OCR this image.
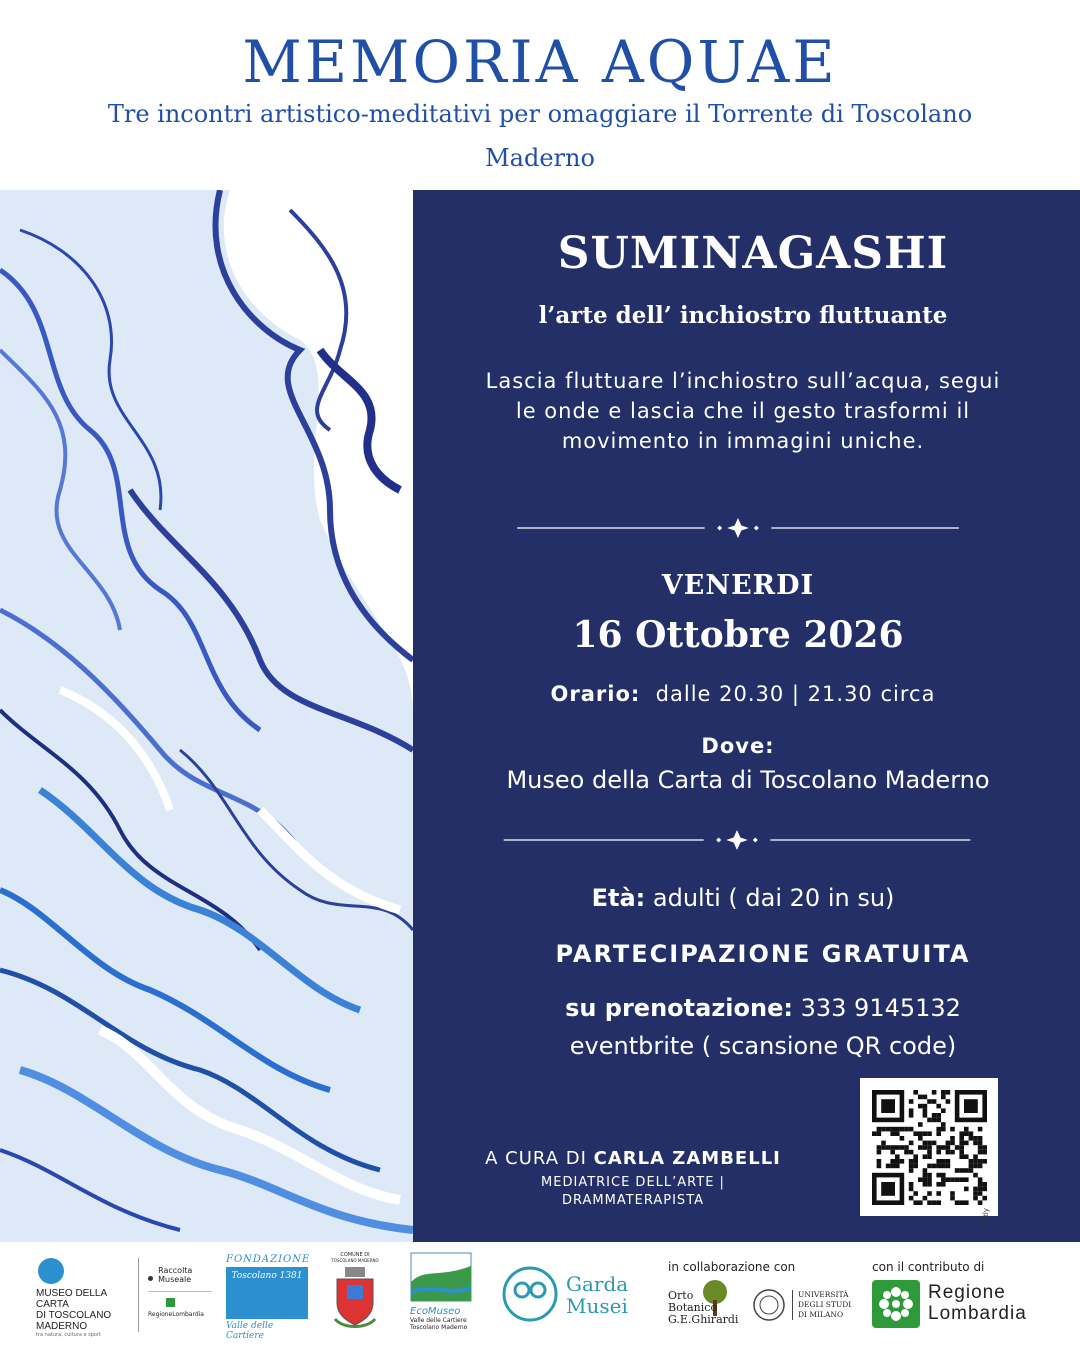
MEMORIA AQUAE
Tre incontri artistico-meditativi per omaggiare il Torrente di Toscolano Maderno
SUMINAGASHI
l’arte dell’ inchiostro fluttuante
Lascia fluttuare l’inchiostro sull’acqua, segui le onde e lascia che il gesto trasformi il movimento in immagini uniche.
VENERDI
16 Ottobre 2026
Orario: dalle 20.30 | 21.30 circa
Dove:
Museo della Carta di Toscolano Maderno
Età: adulti ( dai 20 in su)
PARTECIPAZIONE GRATUITA
su prenotazione: 333 9145132
eventbrite ( scansione QR code)
bitly
A CURA DI CARLA ZAMBELLI
MEDIATRICE DELL’ARTE |
DRAMMATERAPISTA
MUSEO DELLA CARTA
DI TOSCOLANO
MADERNO
tra natura, cultura e sport
Raccolta
Museale
RegioneLombardia
FONDAZIONE
Toscolano 1381
Valle delle Cartiere
COMUNE DI
TOSCOLANO MADERNO
EcoMuseo
Valle delle Cartiere
Toscolano Maderno
Garda
Musei
in collaborazione con
Orto
Botanico
G.E.Ghirardi
UNIVERSITÀ
DEGLI STUDI
DI MILANO
con il contributo di
Regione
Lombardia
